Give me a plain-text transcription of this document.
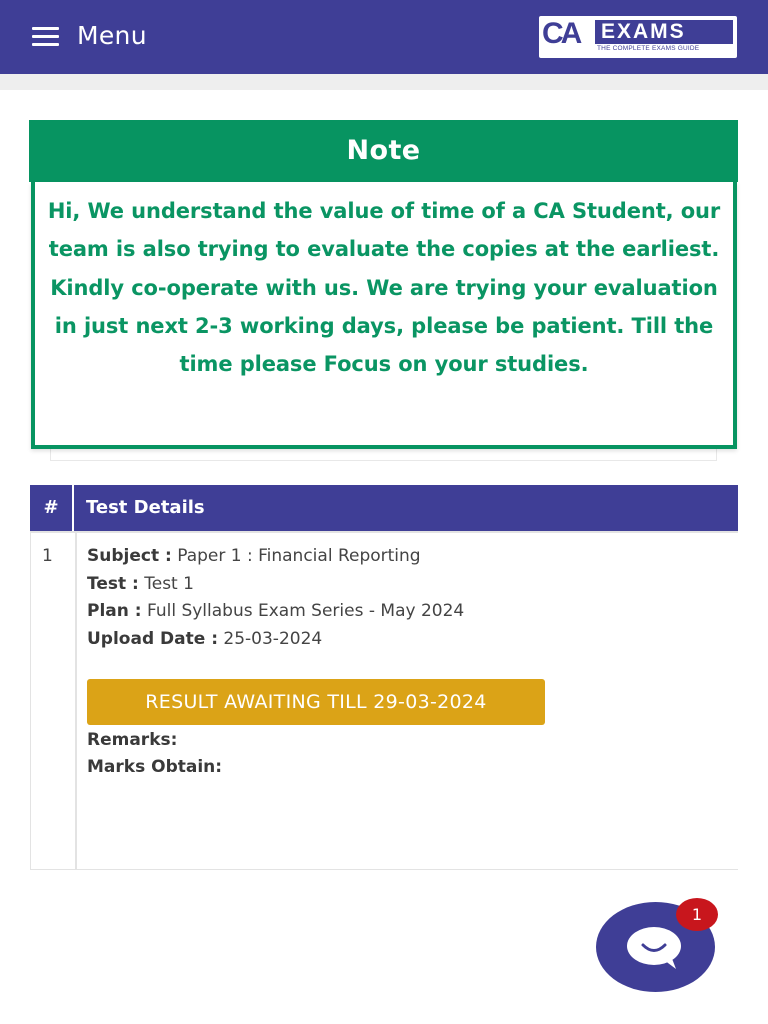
Menu	CA EXAMS
THE COMPLETE EXAMS GUIDE
Note
Hi, We understand the value of time of a CA Student, our team is also trying to evaluate the copies at the earliest. Kindly co-operate with us. We are trying your evaluation in just next 2-3 working days, please be patient. Till the time please Focus on your studies.
#	Test Details
1 Subject : Paper 1 : Financial Reporting
Test : Test 1
Plan : Full Syllabus Exam Series - May 2024
Upload Date : 25-03-2024
RESULT AWAITING TILL 29-03-2024
Remarks:
Marks Obtain:
1
